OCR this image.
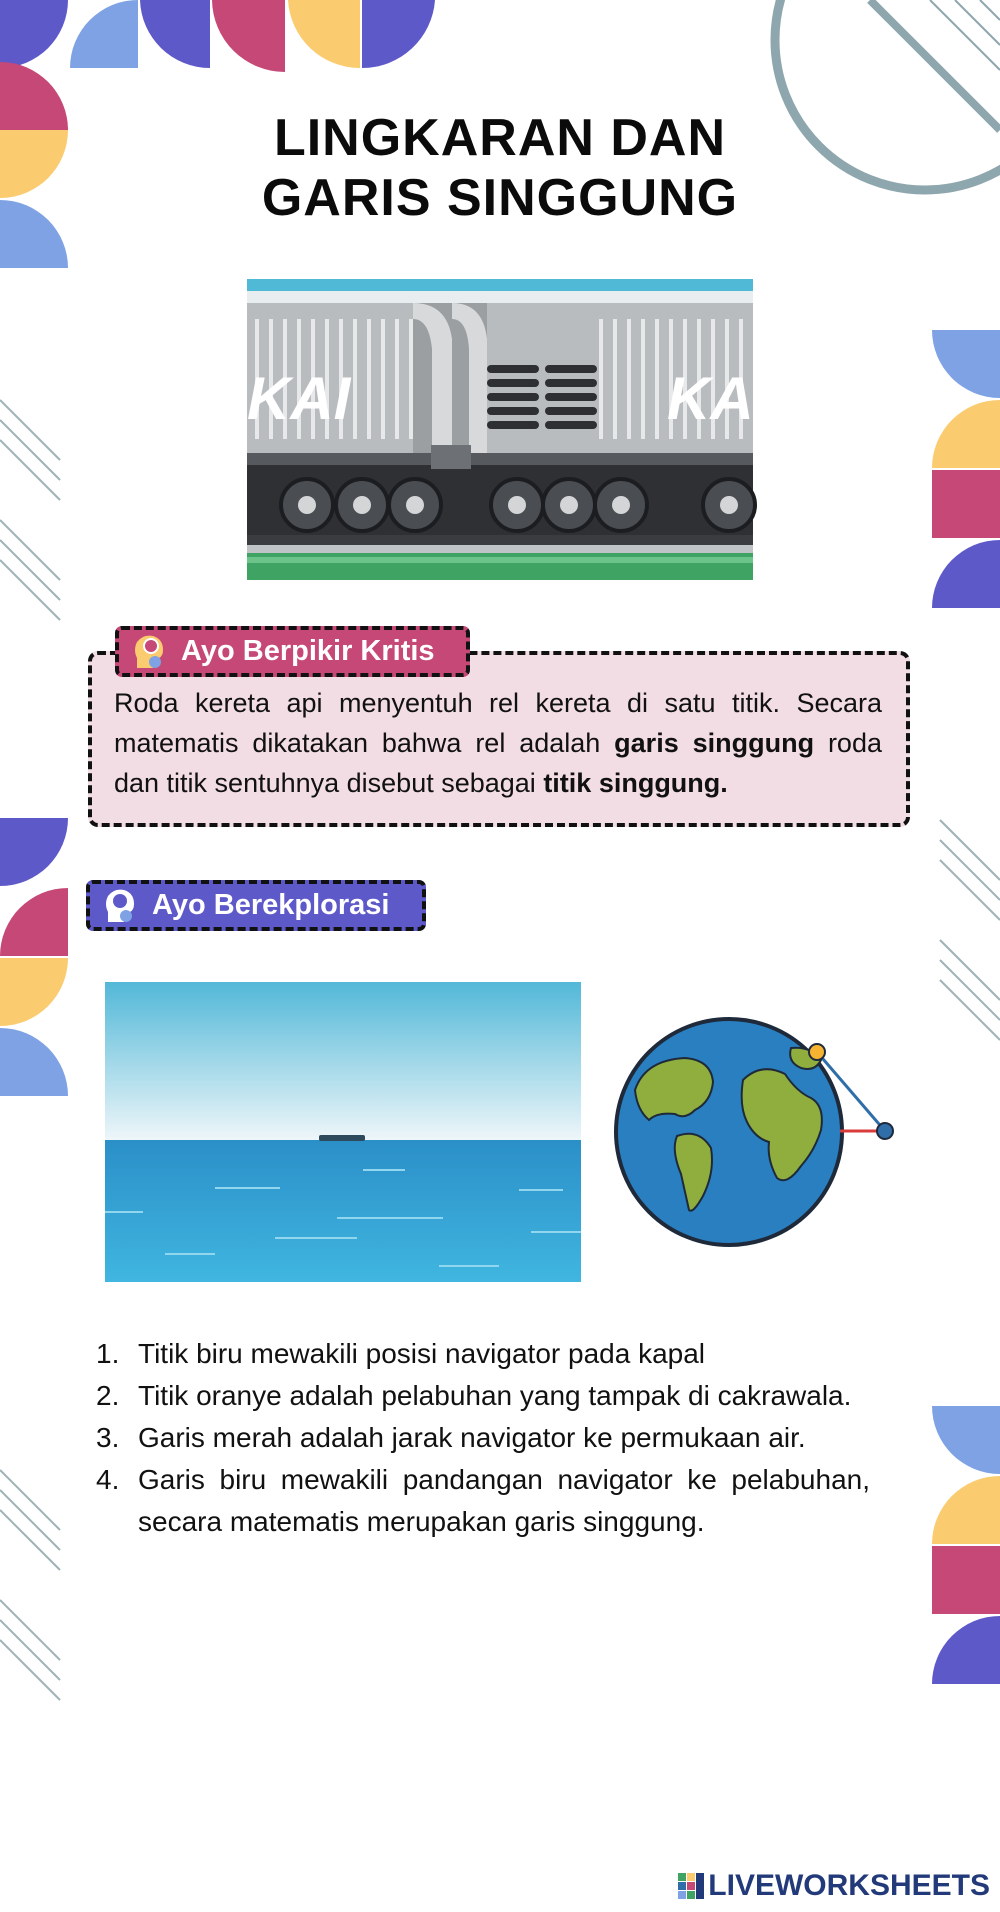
LINGKARAN DAN
GARIS SINGGUNG
KAI	KAI
Ayo Berpikir Kritis
Roda kereta api menyentuh rel kereta di satu titik. Secara matematis dikatakan bahwa rel adalah garis singgung roda dan titik sentuhnya disebut sebagai titik singgung.
Ayo Berekplorasi
1. Titik biru mewakili posisi navigator pada kapal
2. Titik oranye adalah pelabuhan yang tampak di cakrawala.
3. Garis merah adalah jarak navigator ke permukaan air.
4. Garis biru mewakili pandangan navigator ke pelabuhan, secara matematis merupakan garis singgung.
LIVEWORKSHEETS
